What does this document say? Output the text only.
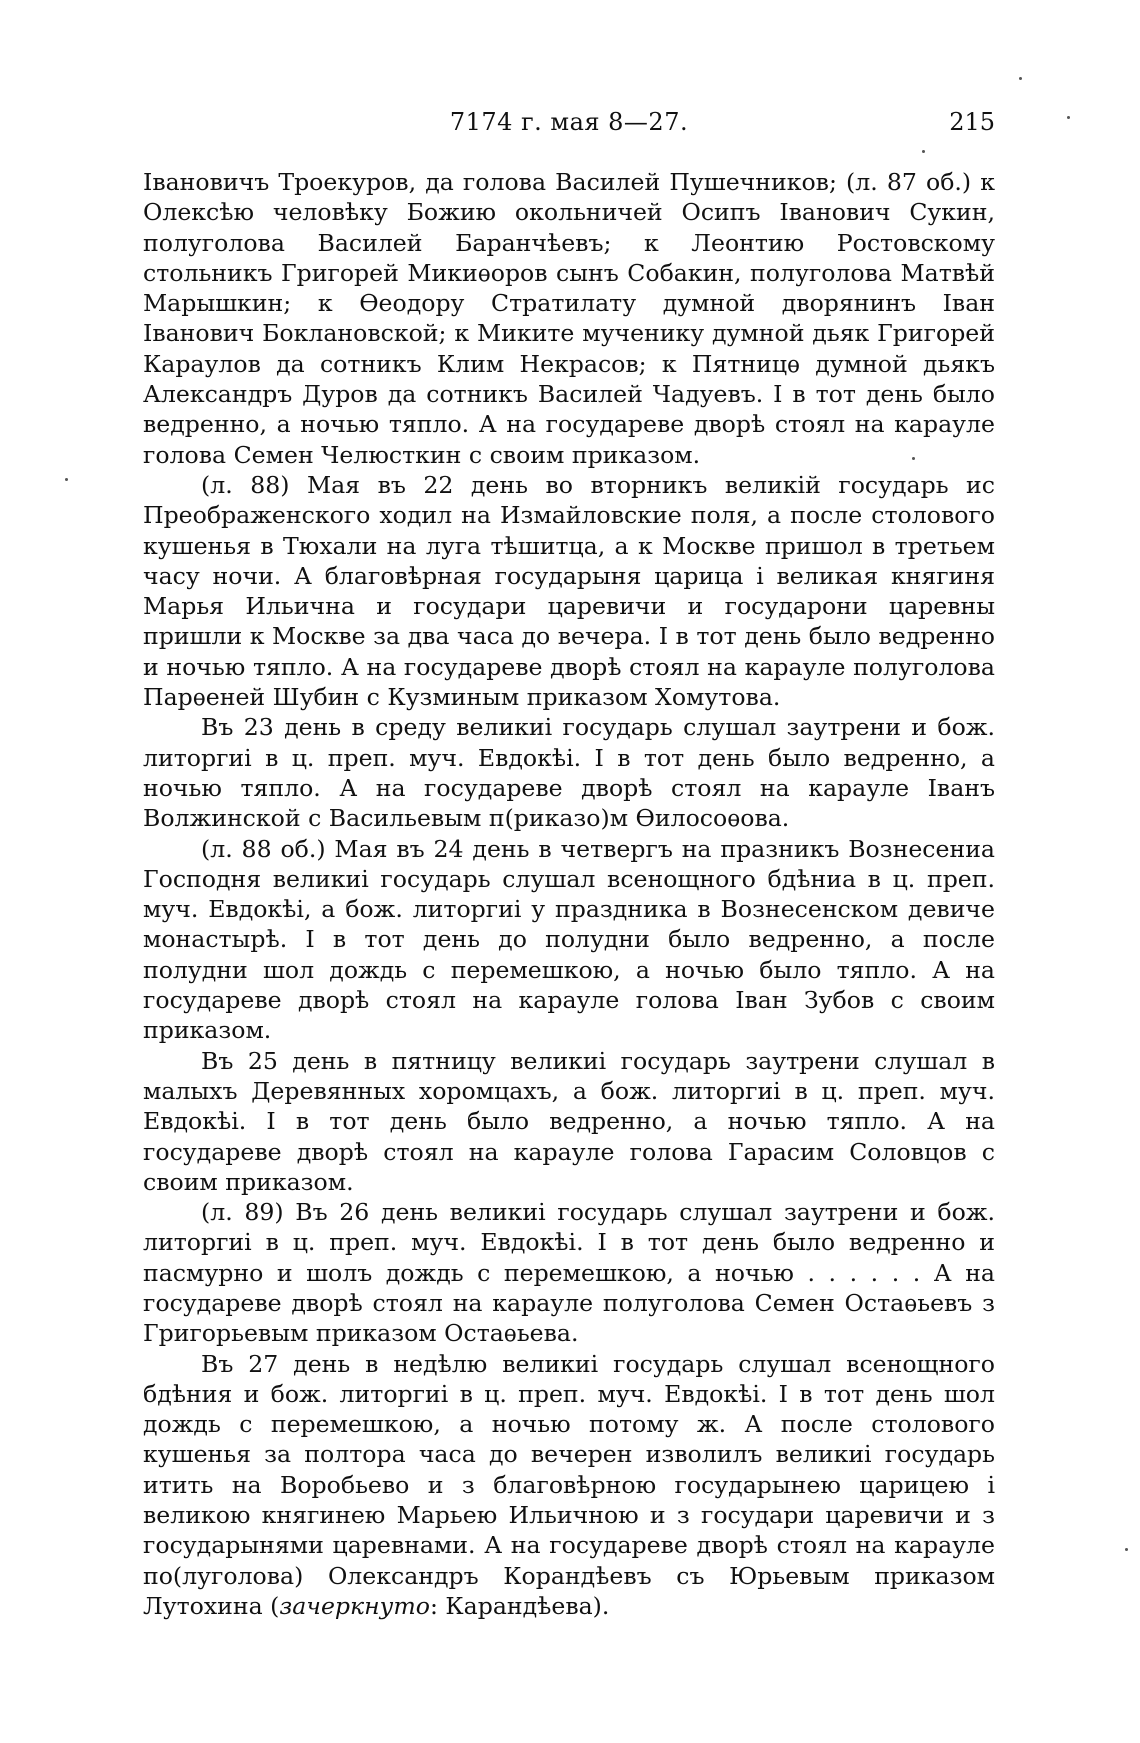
7174 г. мая 8—27.	215

Івановичъ Троекуров, да голова Василей Пушечников; (л. 87 об.) к Олексѣю человѣку Божию окольничей Осипъ Іванович Сукин, полуголова Василей Баранчѣевъ; к Леонтию Ростовскому стольникъ Григорей Микиѳоров сынъ Собакин, полуголова Матвѣй Марышкин; к Ѳеодору Стратилату думной дворянинъ Іван Іванович Боклановской; к Миките мученику думной дьяк Григорей Караулов да сотникъ Клим Некрасов; к Пятницѳ думной дьякъ Александръ Дуров да сотникъ Василей Чадуевъ. І в тот день было ведренно, а ночью тяпло. А на государеве дворѣ стоял на карауле голова Семен Челюсткин с своим приказом.

(л. 88) Мая въ 22 день во вторникъ великій государь ис Преображенского ходил на Измайловские поля, а после столового кушенья в Тюхали на луга тѣшитца, а к Москве пришол в третьем часу ночи. А благовѣрная государыня царица і великая княгиня Марья Ильична и государи царевичи и государони царевны пришли к Москве за два часа до вечера. І в тот день было ведренно и ночью тяпло. А на государеве дворѣ стоял на карауле полуголова Парѳеней Шубин с Кузминым приказом Хомутова.

Въ 23 день в среду великиі государь слушал заутрени и бож. литоргиі в ц. преп. муч. Евдокѣі. І в тот день было ведренно, а ночью тяпло. А на государеве дворѣ стоял на карауле Іванъ Волжинской с Васильевым п(риказо)м Ѳилосоѳова.

(л. 88 об.) Мая въ 24 день в четвергъ на празникъ Вознесениа Господня великиі государь слушал всенощного бдѣниа в ц. преп. муч. Евдокѣі, а бож. литоргиі у праздника в Вознесенском девиче монастырѣ. І в тот день до полудни было ведренно, а после полудни шол дождь с перемешкою, а ночью было тяпло. А на государеве дворѣ стоял на карауле голова Іван Зубов с своим приказом.

Въ 25 день в пятницу великиі государь заутрени слушал в малыхъ Деревянных хоромцахъ, а бож. литоргиі в ц. преп. муч. Евдокѣі. І в тот день было ведренно, а ночью тяпло. А на государеве дворѣ стоял на карауле голова Гарасим Соловцов с своим приказом.

(л. 89) Въ 26 день великиі государь слушал заутрени и бож. литоргиі в ц. преп. муч. Евдокѣі. І в тот день было ведренно и пасмурно и шолъ дождь с перемешкою, а ночью . . . . . . А на государеве дворѣ стоял на карауле полуголова Семен Остаѳьевъ з Григорьевым приказом Остаѳьева.

Въ 27 день в недѣлю великиі государь слушал всенощного бдѣния и бож. литоргиі в ц. преп. муч. Евдокѣі. І в тот день шол дождь с перемешкою, а ночью потому ж. А после столового кушенья за полтора часа до вечерен изволилъ великиі государь итить на Воробьево и з благовѣрною государынею царицею і великою княгинею Марьею Ильичною и з государи царевичи и з государынями царевнами. А на государеве дворѣ стоял на карауле по(луголова) Олександръ Корандѣевъ съ Юрьевым приказом Лутохина (зачеркнуто: Карандѣева).
